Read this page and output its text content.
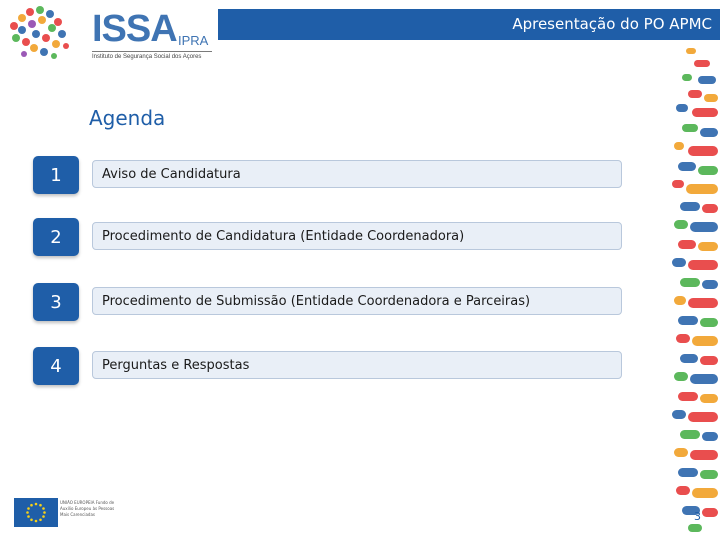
ISSA IPRA
Instituto de Segurança Social dos Açores
Apresentação do PO APMC
Agenda
1	Aviso de Candidatura
2	Procedimento de Candidatura (Entidade Coordenadora)
3	Procedimento de Submissão (Entidade Coordenadora e Parceiras)
4	Perguntas e Respostas
UNIÃO EUROPEIA Fundo de Auxílio Europeu às Pessoas Mais Carenciadas	3
